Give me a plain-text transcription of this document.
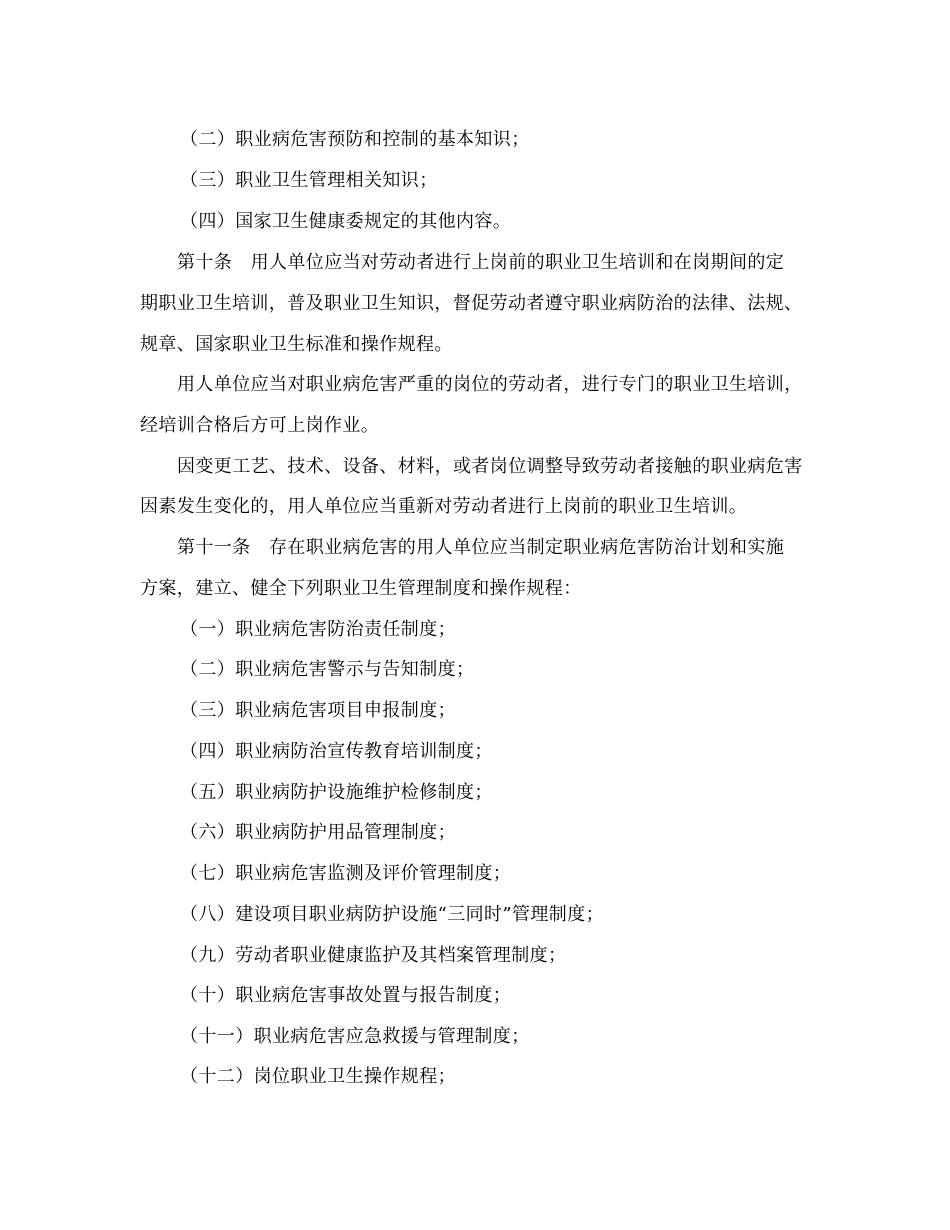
（二）职业病危害预防和控制的基本知识；
（三）职业卫生管理相关知识；
（四）国家卫生健康委规定的其他内容。
第十条　用人单位应当对劳动者进行上岗前的职业卫生培训和在岗期间的定
期职业卫生培训，普及职业卫生知识，督促劳动者遵守职业病防治的法律、法规、
规章、国家职业卫生标准和操作规程。
用人单位应当对职业病危害严重的岗位的劳动者，进行专门的职业卫生培训，
经培训合格后方可上岗作业。
因变更工艺、技术、设备、材料，或者岗位调整导致劳动者接触的职业病危害
因素发生变化的，用人单位应当重新对劳动者进行上岗前的职业卫生培训。
第十一条　存在职业病危害的用人单位应当制定职业病危害防治计划和实施
方案，建立、健全下列职业卫生管理制度和操作规程：
（一）职业病危害防治责任制度；
（二）职业病危害警示与告知制度；
（三）职业病危害项目申报制度；
（四）职业病防治宣传教育培训制度；
（五）职业病防护设施维护检修制度；
（六）职业病防护用品管理制度；
（七）职业病危害监测及评价管理制度；
（八）建设项目职业病防护设施“三同时”管理制度；
（九）劳动者职业健康监护及其档案管理制度；
（十）职业病危害事故处置与报告制度；
（十一）职业病危害应急救援与管理制度；
（十二）岗位职业卫生操作规程；
